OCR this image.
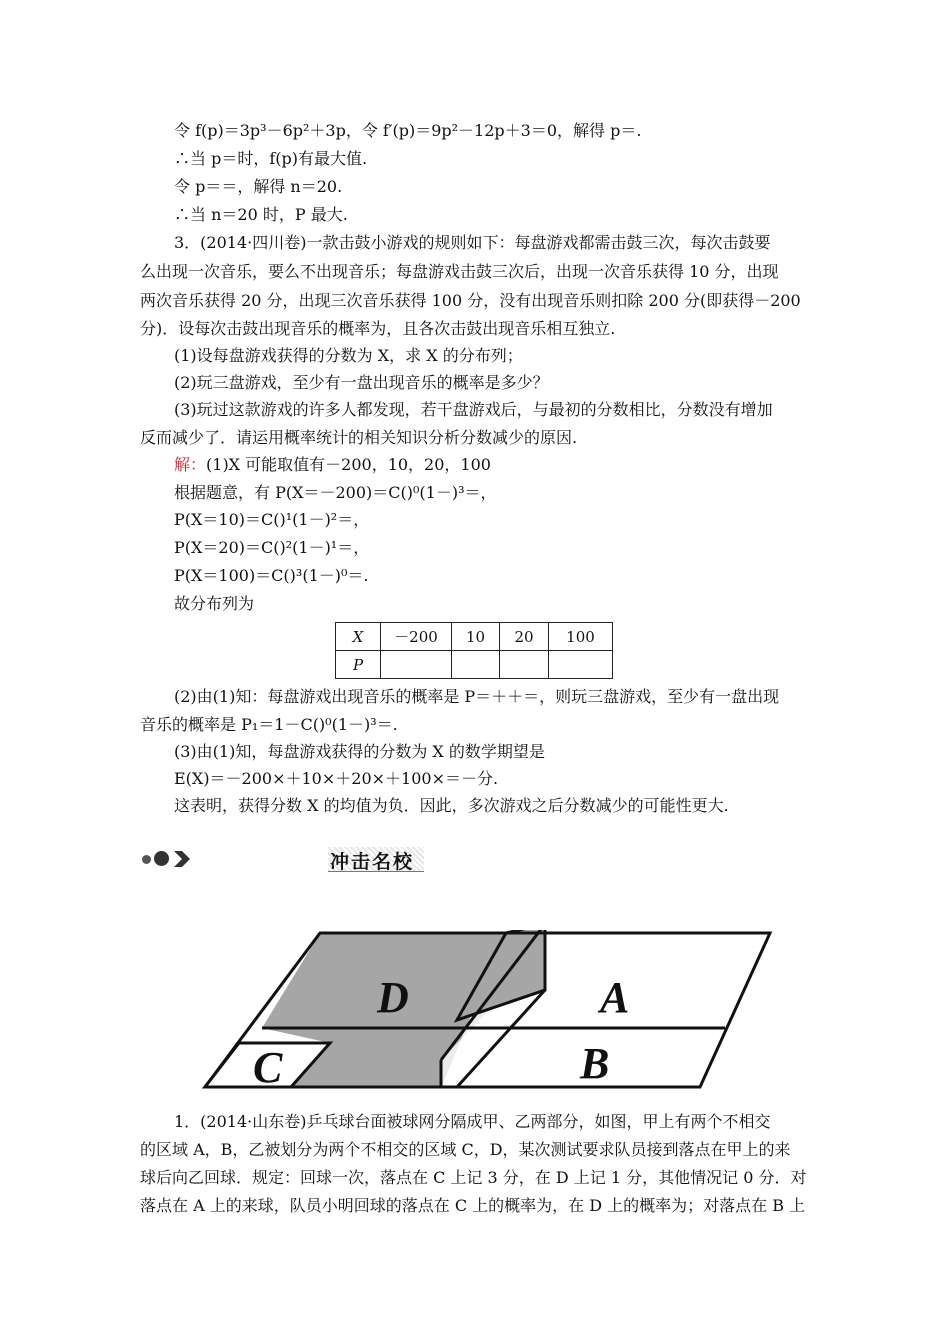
令 f(p)＝3p³－6p²＋3p，令 f′(p)＝9p²－12p＋3＝0，解得 p＝.
∴当 p＝时，f(p)有最大值.
令 p＝＝，解得 n＝20.
∴当 n＝20 时，P 最大.
3．(2014·四川卷)一款击鼓小游戏的规则如下：每盘游戏都需击鼓三次，每次击鼓要
么出现一次音乐，要么不出现音乐；每盘游戏击鼓三次后，出现一次音乐获得 10 分，出现
两次音乐获得 20 分，出现三次音乐获得 100 分，没有出现音乐则扣除 200 分(即获得－200
分)．设每次击鼓出现音乐的概率为，且各次击鼓出现音乐相互独立.
(1)设每盘游戏获得的分数为 X，求 X 的分布列；
(2)玩三盘游戏，至少有一盘出现音乐的概率是多少？
(3)玩过这款游戏的许多人都发现，若干盘游戏后，与最初的分数相比，分数没有增加
反而减少了．请运用概率统计的相关知识分析分数减少的原因.
解：(1)X 可能取值有－200，10，20，100
根据题意，有 P(X＝－200)＝C()⁰(1－)³＝，
P(X＝10)＝C()¹(1－)²＝，
P(X＝20)＝C()²(1－)¹＝，
P(X＝100)＝C()³(1－)⁰＝.
故分布列为
X	－200	10	20	100
P				
(2)由(1)知：每盘游戏出现音乐的概率是 P＝＋＋＝，则玩三盘游戏，至少有一盘出现
音乐的概率是 P₁＝1－C()⁰(1－)³＝.
(3)由(1)知，每盘游戏获得的分数为 X 的数学期望是
E(X)＝－200×＋10×＋20×＋100×＝－分.
这表明，获得分数 X 的均值为负．因此，多次游戏之后分数减少的可能性更大.
冲击名校
D	A
C	B
1．(2014·山东卷)乒乓球台面被球网分隔成甲、乙两部分，如图，甲上有两个不相交
的区域 A，B，乙被划分为两个不相交的区域 C，D，某次测试要求队员接到落点在甲上的来
球后向乙回球．规定：回球一次，落点在 C 上记 3 分，在 D 上记 1 分，其他情况记 0 分．对
落点在 A 上的来球，队员小明回球的落点在 C 上的概率为，在 D 上的概率为；对落点在 B 上
